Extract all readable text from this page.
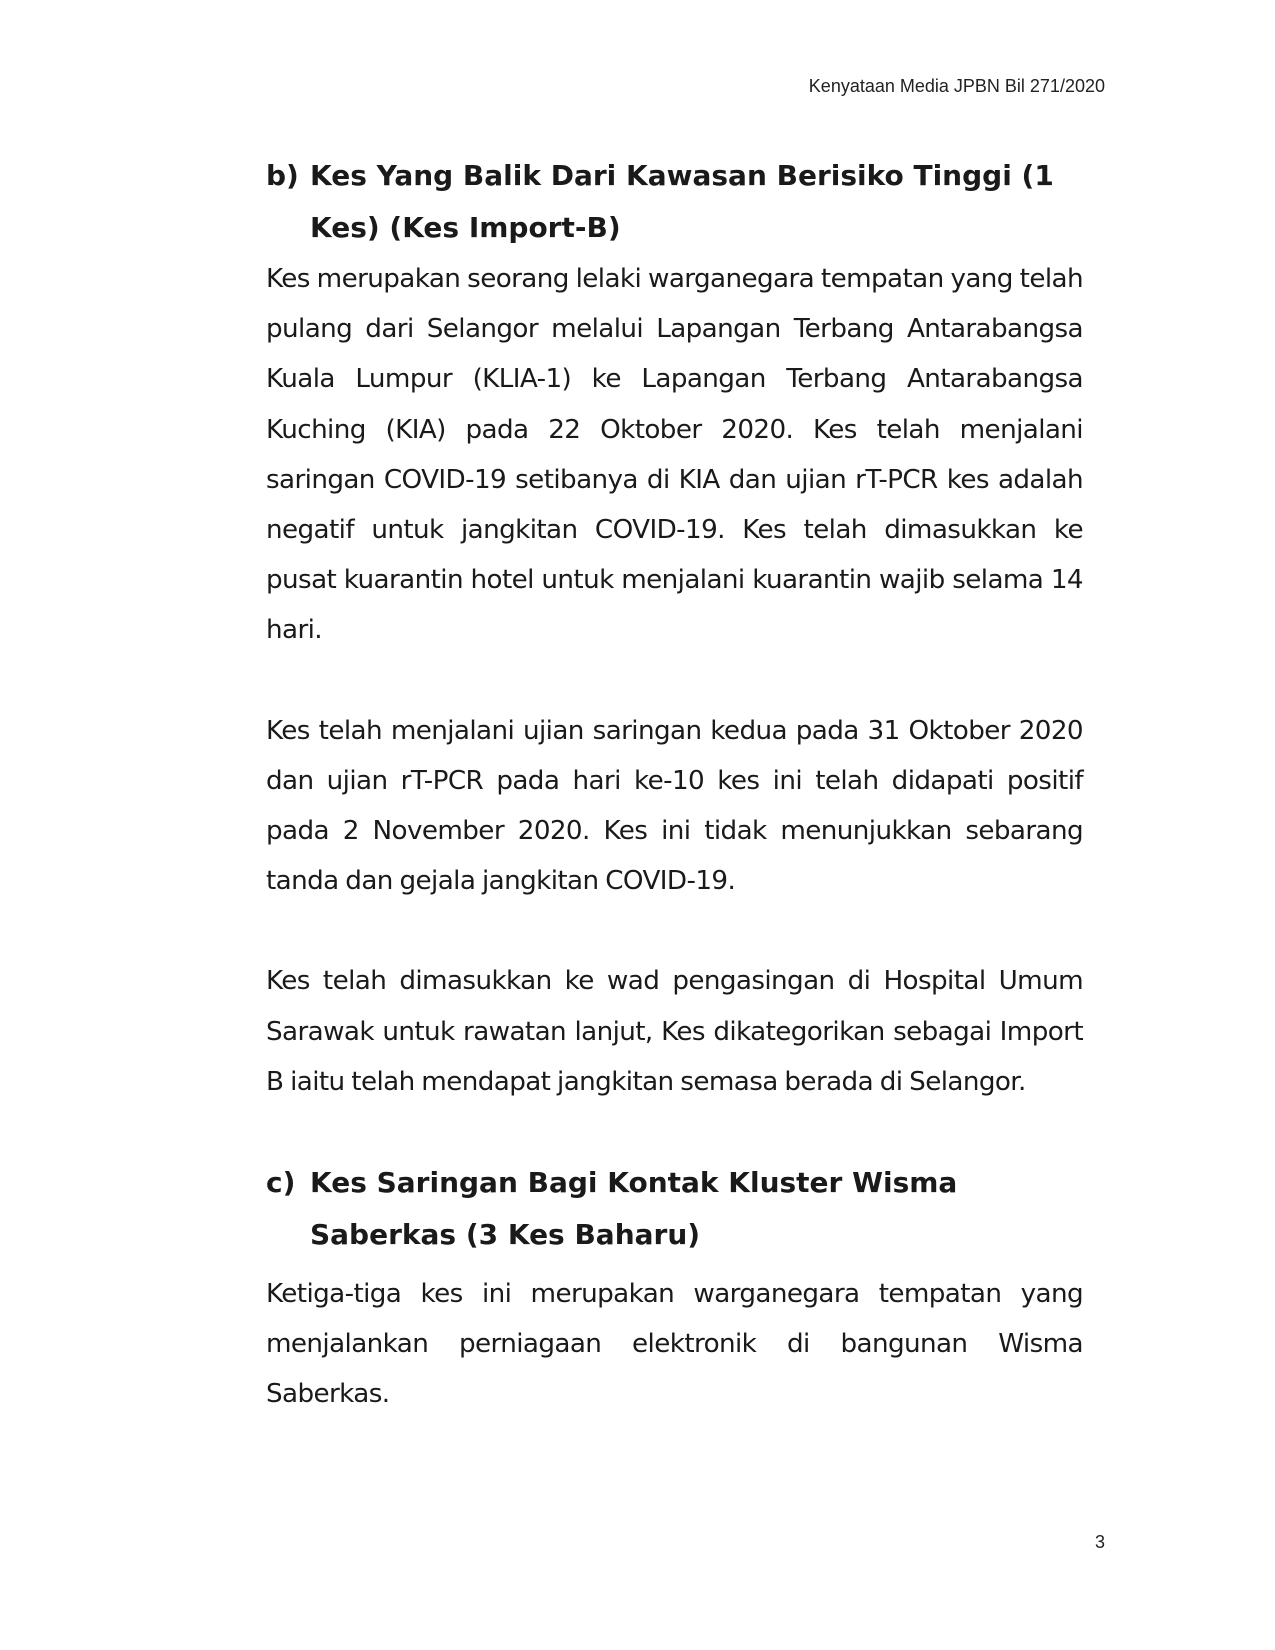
Kenyataan Media JPBN Bil 271/2020
b) Kes Yang Balik Dari Kawasan Berisiko Tinggi (1 Kes) (Kes Import-B)

Kes merupakan seorang lelaki warganegara tempatan yang telah pulang dari Selangor melalui Lapangan Terbang Antarabangsa Kuala Lumpur (KLIA-1) ke Lapangan Terbang Antarabangsa Kuching (KIA) pada 22 Oktober 2020. Kes telah menjalani saringan COVID-19 setibanya di KIA dan ujian rT-PCR kes adalah negatif untuk jangkitan COVID-19. Kes telah dimasukkan ke pusat kuarantin hotel untuk menjalani kuarantin wajib selama 14 hari.

Kes telah menjalani ujian saringan kedua pada 31 Oktober 2020 dan ujian rT-PCR pada hari ke-10 kes ini telah didapati positif pada 2 November 2020. Kes ini tidak menunjukkan sebarang tanda dan gejala jangkitan COVID-19.

Kes telah dimasukkan ke wad pengasingan di Hospital Umum Sarawak untuk rawatan lanjut, Kes dikategorikan sebagai Import B iaitu telah mendapat jangkitan semasa berada di Selangor.

c) Kes Saringan Bagi Kontak Kluster Wisma Saberkas (3 Kes Baharu)

Ketiga-tiga kes ini merupakan warganegara tempatan yang menjalankan perniagaan elektronik di bangunan Wisma Saberkas.

3
